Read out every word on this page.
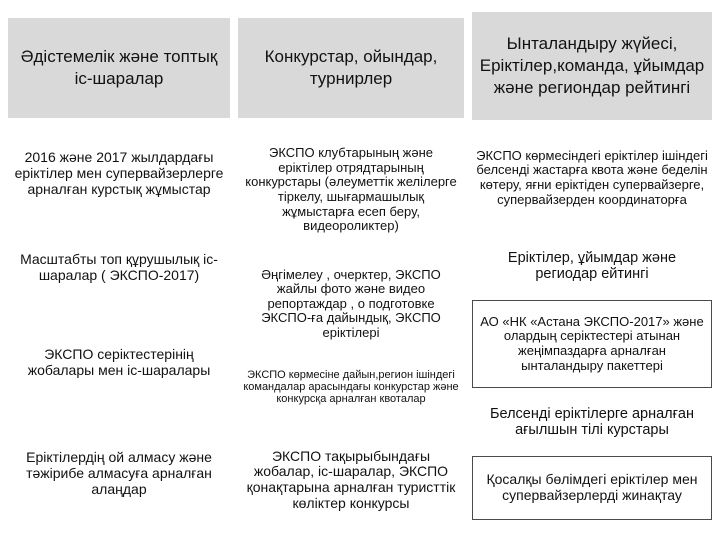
Әдістемелік және топтық іс-шаралар
2016 және 2017 жылдардағы еріктілер мен супервайзерлерге арналған курстық жұмыстар
Масштабты топ құрушылық іс-шаралар ( ЭКСПО-2017)
ЭКСПО серіктестерінің жобалары мен іс-шаралары
Еріктілердің ой алмасу және тәжірибе алмасуға арналған алаңдар
Конкурстар, ойындар, турнирлер
ЭКСПО клубтарының және еріктілер отрядтарының конкурстары (әлеуметтік желілерге тіркелу, шығармашылық жұмыстарға есеп беру, видеороликтер)
Әңгімелеу , очерктер, ЭКСПО жайлы фото және видео репортаждар , о подготовке ЭКСПО-ға дайындық, ЭКСПО еріктілері
ЭКСПО көрмесіне дайын,регион ішіндегі командалар арасындағы конкурстар және конкурсқа арналған квоталар
ЭКСПО тақырыбындағы жобалар, іс-шаралар, ЭКСПО қонақтарына арналған туристтік көліктер конкурсы
Ынталандыру жүйесі, Еріктілер,команда, ұйымдар және региондар рейтингі
ЭКСПО көрмесіндегі еріктілер ішіндегі белсенді жастарға квота және беделін көтеру, яғни еріктіден супервайзерге, супервайзерден координаторға
Еріктілер, ұйымдар және региодар ейтингі
АО «НК «Астана ЭКСПО-2017» және олардың серіктестері атынан жеңімпаздарға арналған ынталандыру пакеттері
Белсенді еріктілерге арналған ағылшын тілі курстары
Қосалқы бөлімдегі еріктілер мен супервайзерлерді жинақтау
